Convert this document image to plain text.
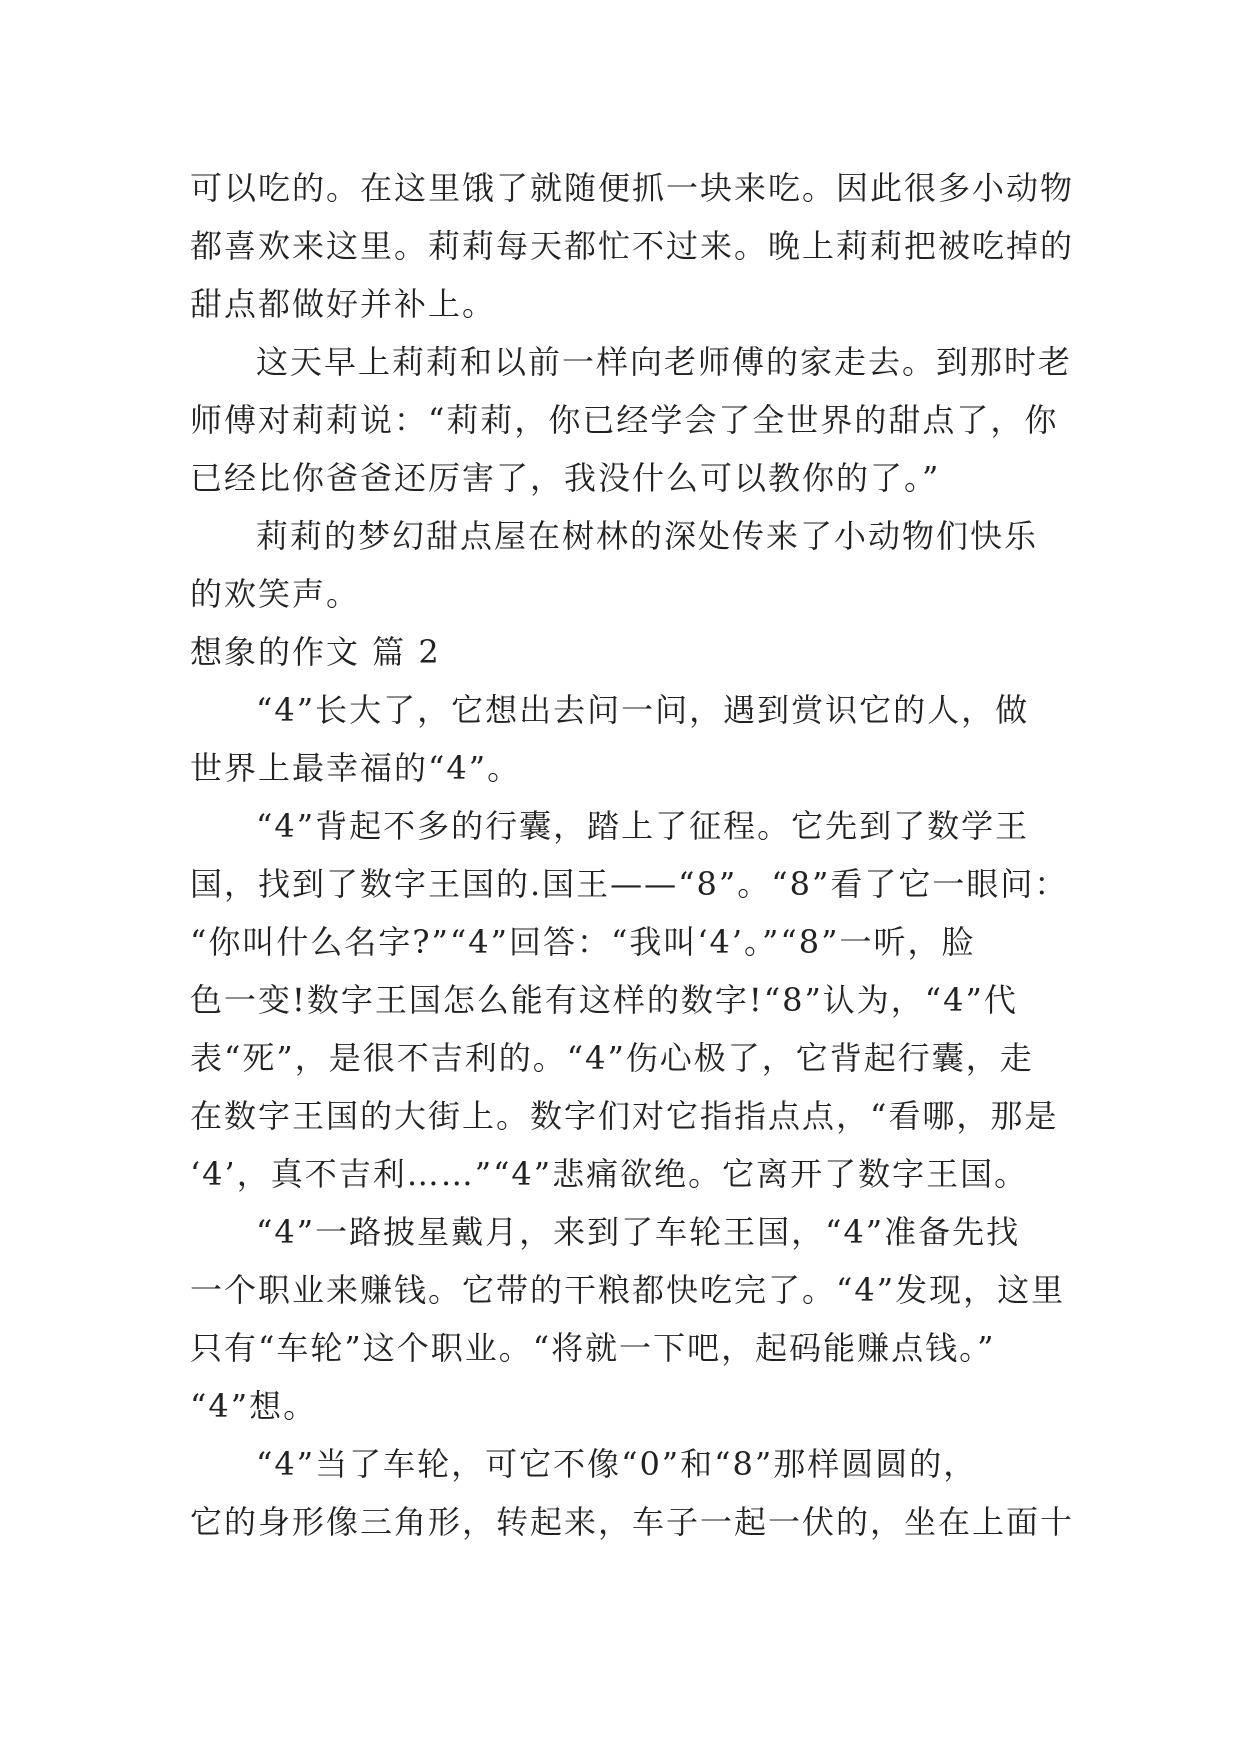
可以吃的。在这里饿了就随便抓一块来吃。因此很多小动物

都喜欢来这里。莉莉每天都忙不过来。晚上莉莉把被吃掉的

甜点都做好并补上。

这天早上莉莉和以前一样向老师傅的家走去。到那时老

师傅对莉莉说：“莉莉，你已经学会了全世界的甜点了，你

已经比你爸爸还厉害了，我没什么可以教你的了。”

莉莉的梦幻甜点屋在树林的深处传来了小动物们快乐

的欢笑声。

想象的作文 篇 2

“4”长大了，它想出去问一问，遇到赏识它的人，做

世界上最幸福的“4”。

“4”背起不多的行囊，踏上了征程。它先到了数学王

国，找到了数字王国的.国王——“8”。“8”看了它一眼问：

“你叫什么名字?”“4”回答：“我叫‘4’。”“8”一听，脸

色一变!数字王国怎么能有这样的数字!“8”认为，“4”代

表“死”，是很不吉利的。“4”伤心极了，它背起行囊，走

在数字王国的大街上。数字们对它指指点点，“看哪，那是

‘4’，真不吉利……”“4”悲痛欲绝。它离开了数字王国。

“4”一路披星戴月，来到了车轮王国，“4”准备先找

一个职业来赚钱。它带的干粮都快吃完了。“4”发现，这里

只有“车轮”这个职业。“将就一下吧，起码能赚点钱。”

“4”想。

“4”当了车轮，可它不像“0”和“8”那样圆圆的，

它的身形像三角形，转起来，车子一起一伏的，坐在上面十
